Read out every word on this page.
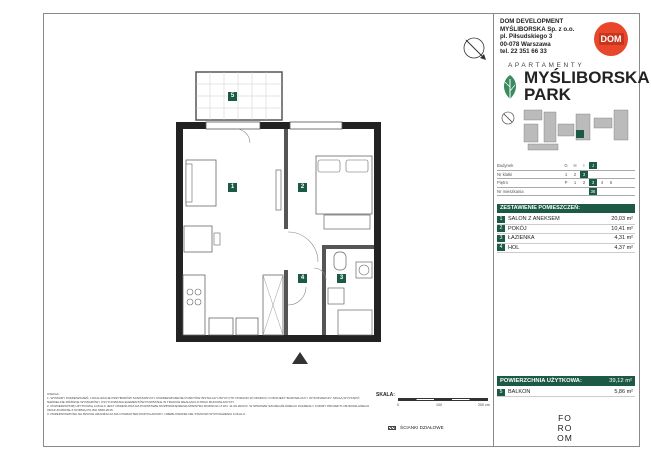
1	2
3
4
5
DOM DEVELOPMENT
MYŚLIBORSKA Sp. z o.o.
pl. Piłsudskiego 3
00-078 Warszawa
tel. 22 351 66 33
DOM
APARTAMENTY
MYŚLIBORSKA
PARK
Budynek	G	H	I	J
Nr klatki	1	2	3
Piętro	P	1	2	3	4	5
Nr mieszkania	36
ZESTAWIENIE POMIESZCZEŃ:
1	SALON Z ANEKSEM	20,03 m²
2	POKÓJ	10,41 m²
3	ŁAZIENKA	4,31 m²
4	HOL	4,37 m²
POWIERZCHNIA UŻYTKOWA:	39,12 m²
5	BALKON	5,86 m²
UWAGA:
1. WYMIARY POMIESZCZEŃ, LOKALIZACJE PRZYBORÓW SANITARNYCH, ROZMIESZCZENIE PUNKTÓW INSTALACYJNYCH ITP. PODANO W OPARCIU O PROJEKT BUDOWLANY I WYKONAWCZY. MOGĄ WYSTĄPIĆ NIEWIELKIE RÓŻNICE WYMIARÓW I USYTUOWANIA ELEMENTÓW POWSTAŁE W TRAKCIE REALIZACJI PRAC BUDOWLANYCH.
2. POWIERZCHNIĘ UŻYTKOWĄ LOKALU JEST OKREŚLONA NA PODSTAWIE ROZPORZĄDZENIA MINISTRA ROZWOJU Z DN. 11.09.2020 R. W SPRAWIE SZCZEGÓŁOWEGO ZAKRESU I FORMY PROJEKTU BUDOWLANEGO ORAZ ZGODNIE Z NORMĄ PN-ISO 9836:2015.
3. PRZEDSTAWIONA NA RZUCIE ARANŻACJA MA CHARAKTER PRZYKŁADOWY, UMEBLOWANIE NIE STANOWI WYPOSAŻENIA LOKALU.
SKALA:
0	100	200 cm
ŚCIANKI DZIAŁOWE
FO
RO
OM
